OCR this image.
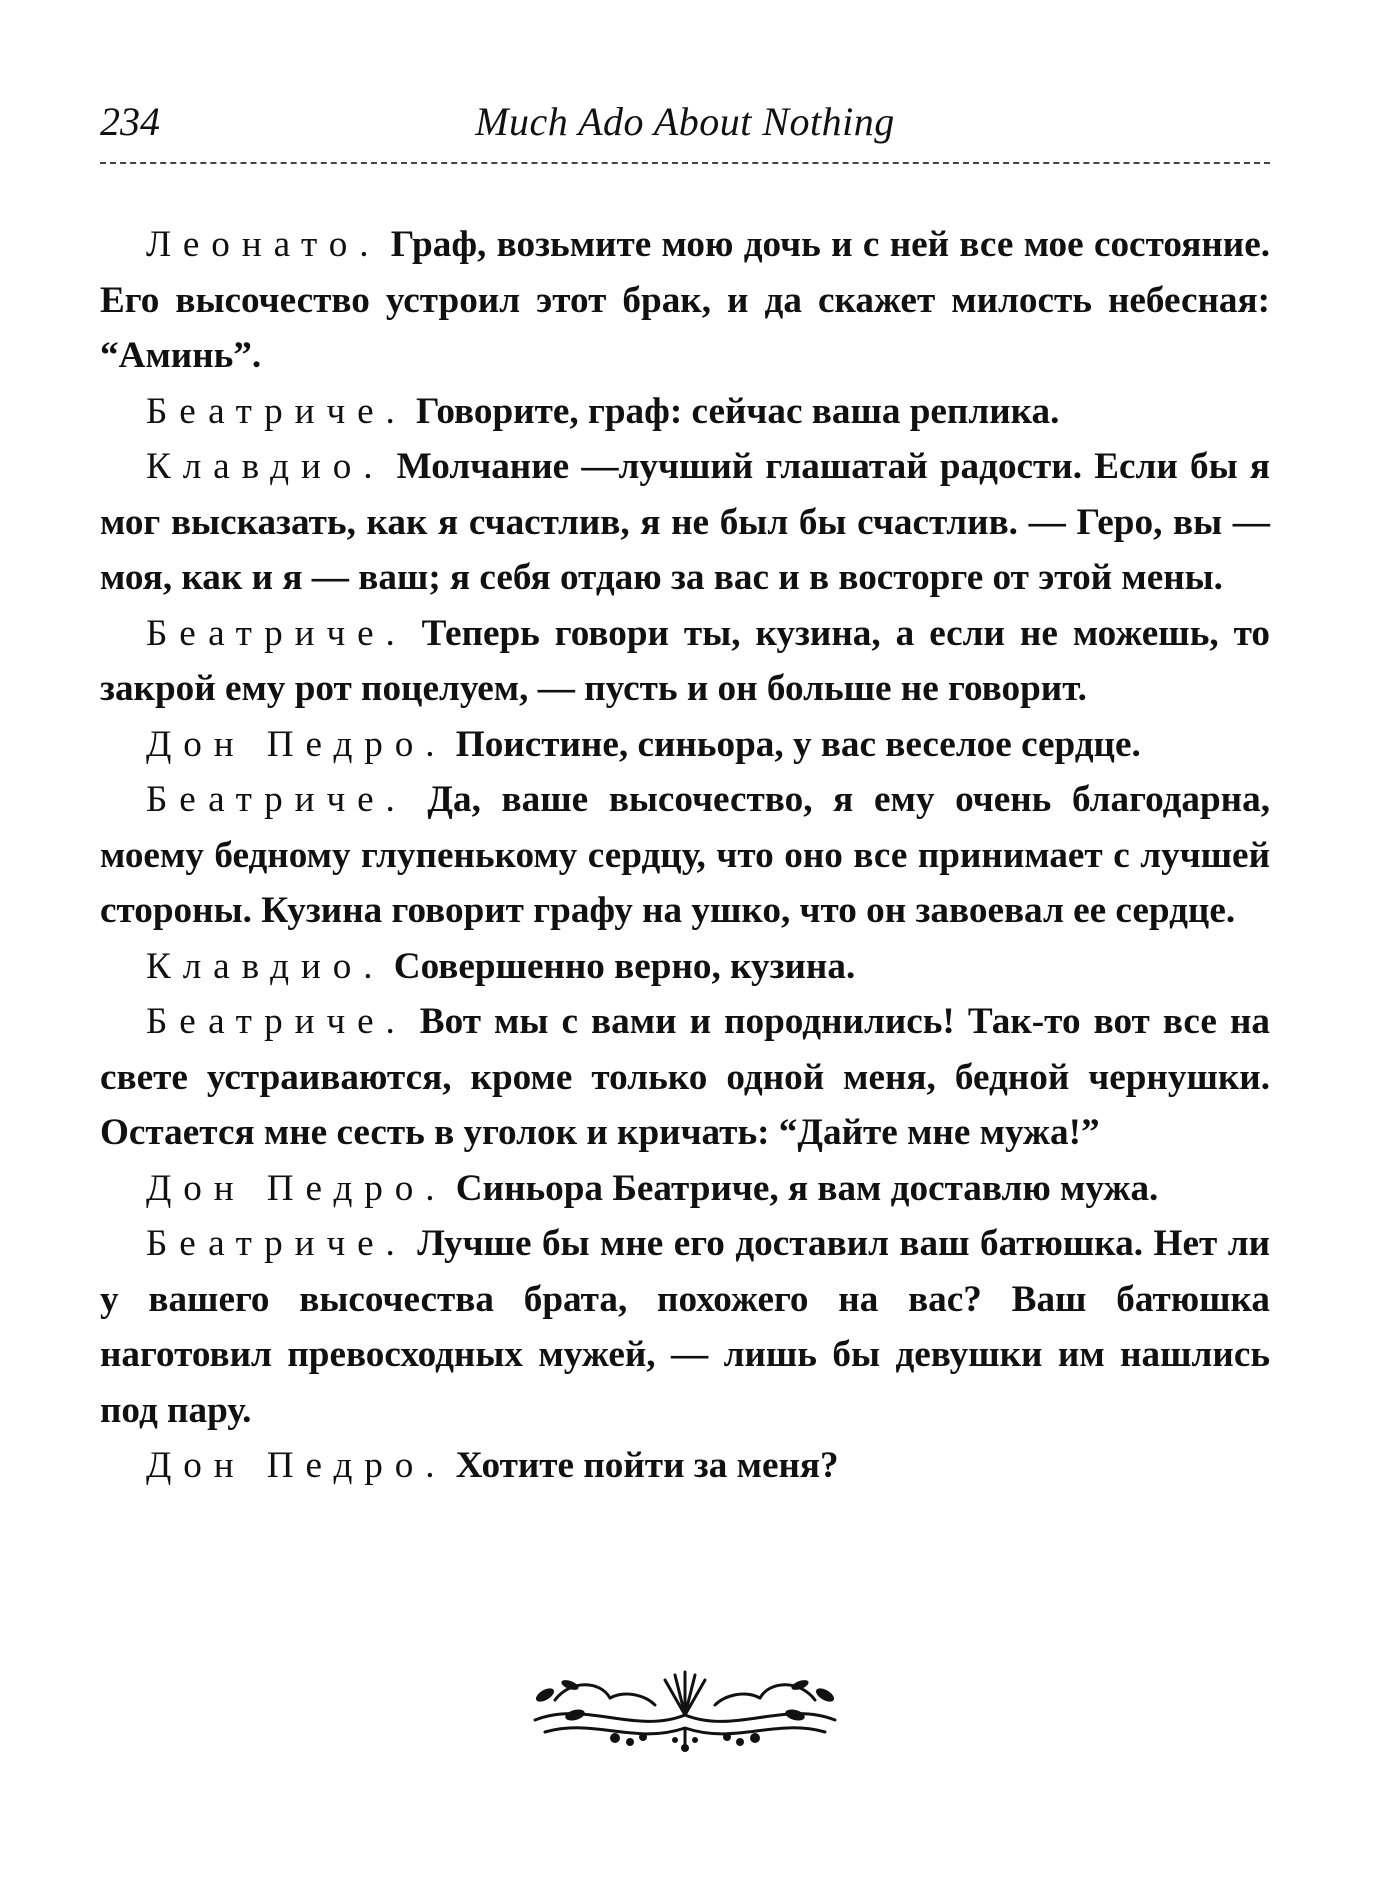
234	Much Ado About Nothing

Леонато. Граф, возьмите мою дочь и с ней все мое состояние. Его высочество устроил этот брак, и да скажет милость небесная: “Аминь”.

Беатриче. Говорите, граф: сейчас ваша реплика.

Клавдио. Молчание —лучший глашатай радости. Если бы я мог высказать, как я счастлив, я не был бы счастлив. — Геро, вы — моя, как и я — ваш; я себя отдаю за вас и в восторге от этой мены.

Беатриче. Теперь говори ты, кузина, а если не можешь, то закрой ему рот поцелуем, — пусть и он больше не говорит.

Дон Педро. Поистине, синьора, у вас веселое сердце.

Беатриче. Да, ваше высочество, я ему очень благодарна, моему бедному глупенькому сердцу, что оно все принимает с лучшей стороны. Кузина говорит графу на ушко, что он завоевал ее сердце.

Клавдио. Совершенно верно, кузина.

Беатриче. Вот мы с вами и породнились! Так-то вот все на свете устраиваются, кроме только одной меня, бедной чернушки. Остается мне сесть в уголок и кричать: “Дайте мне мужа!”

Дон Педро. Синьора Беатриче, я вам доставлю мужа.

Беатриче. Лучше бы мне его доставил ваш батюшка. Нет ли у вашего высочества брата, похожего на вас? Ваш батюшка наготовил превосходных мужей, — лишь бы девушки им нашлись под пару.

Дон Педро. Хотите пойти за меня?
